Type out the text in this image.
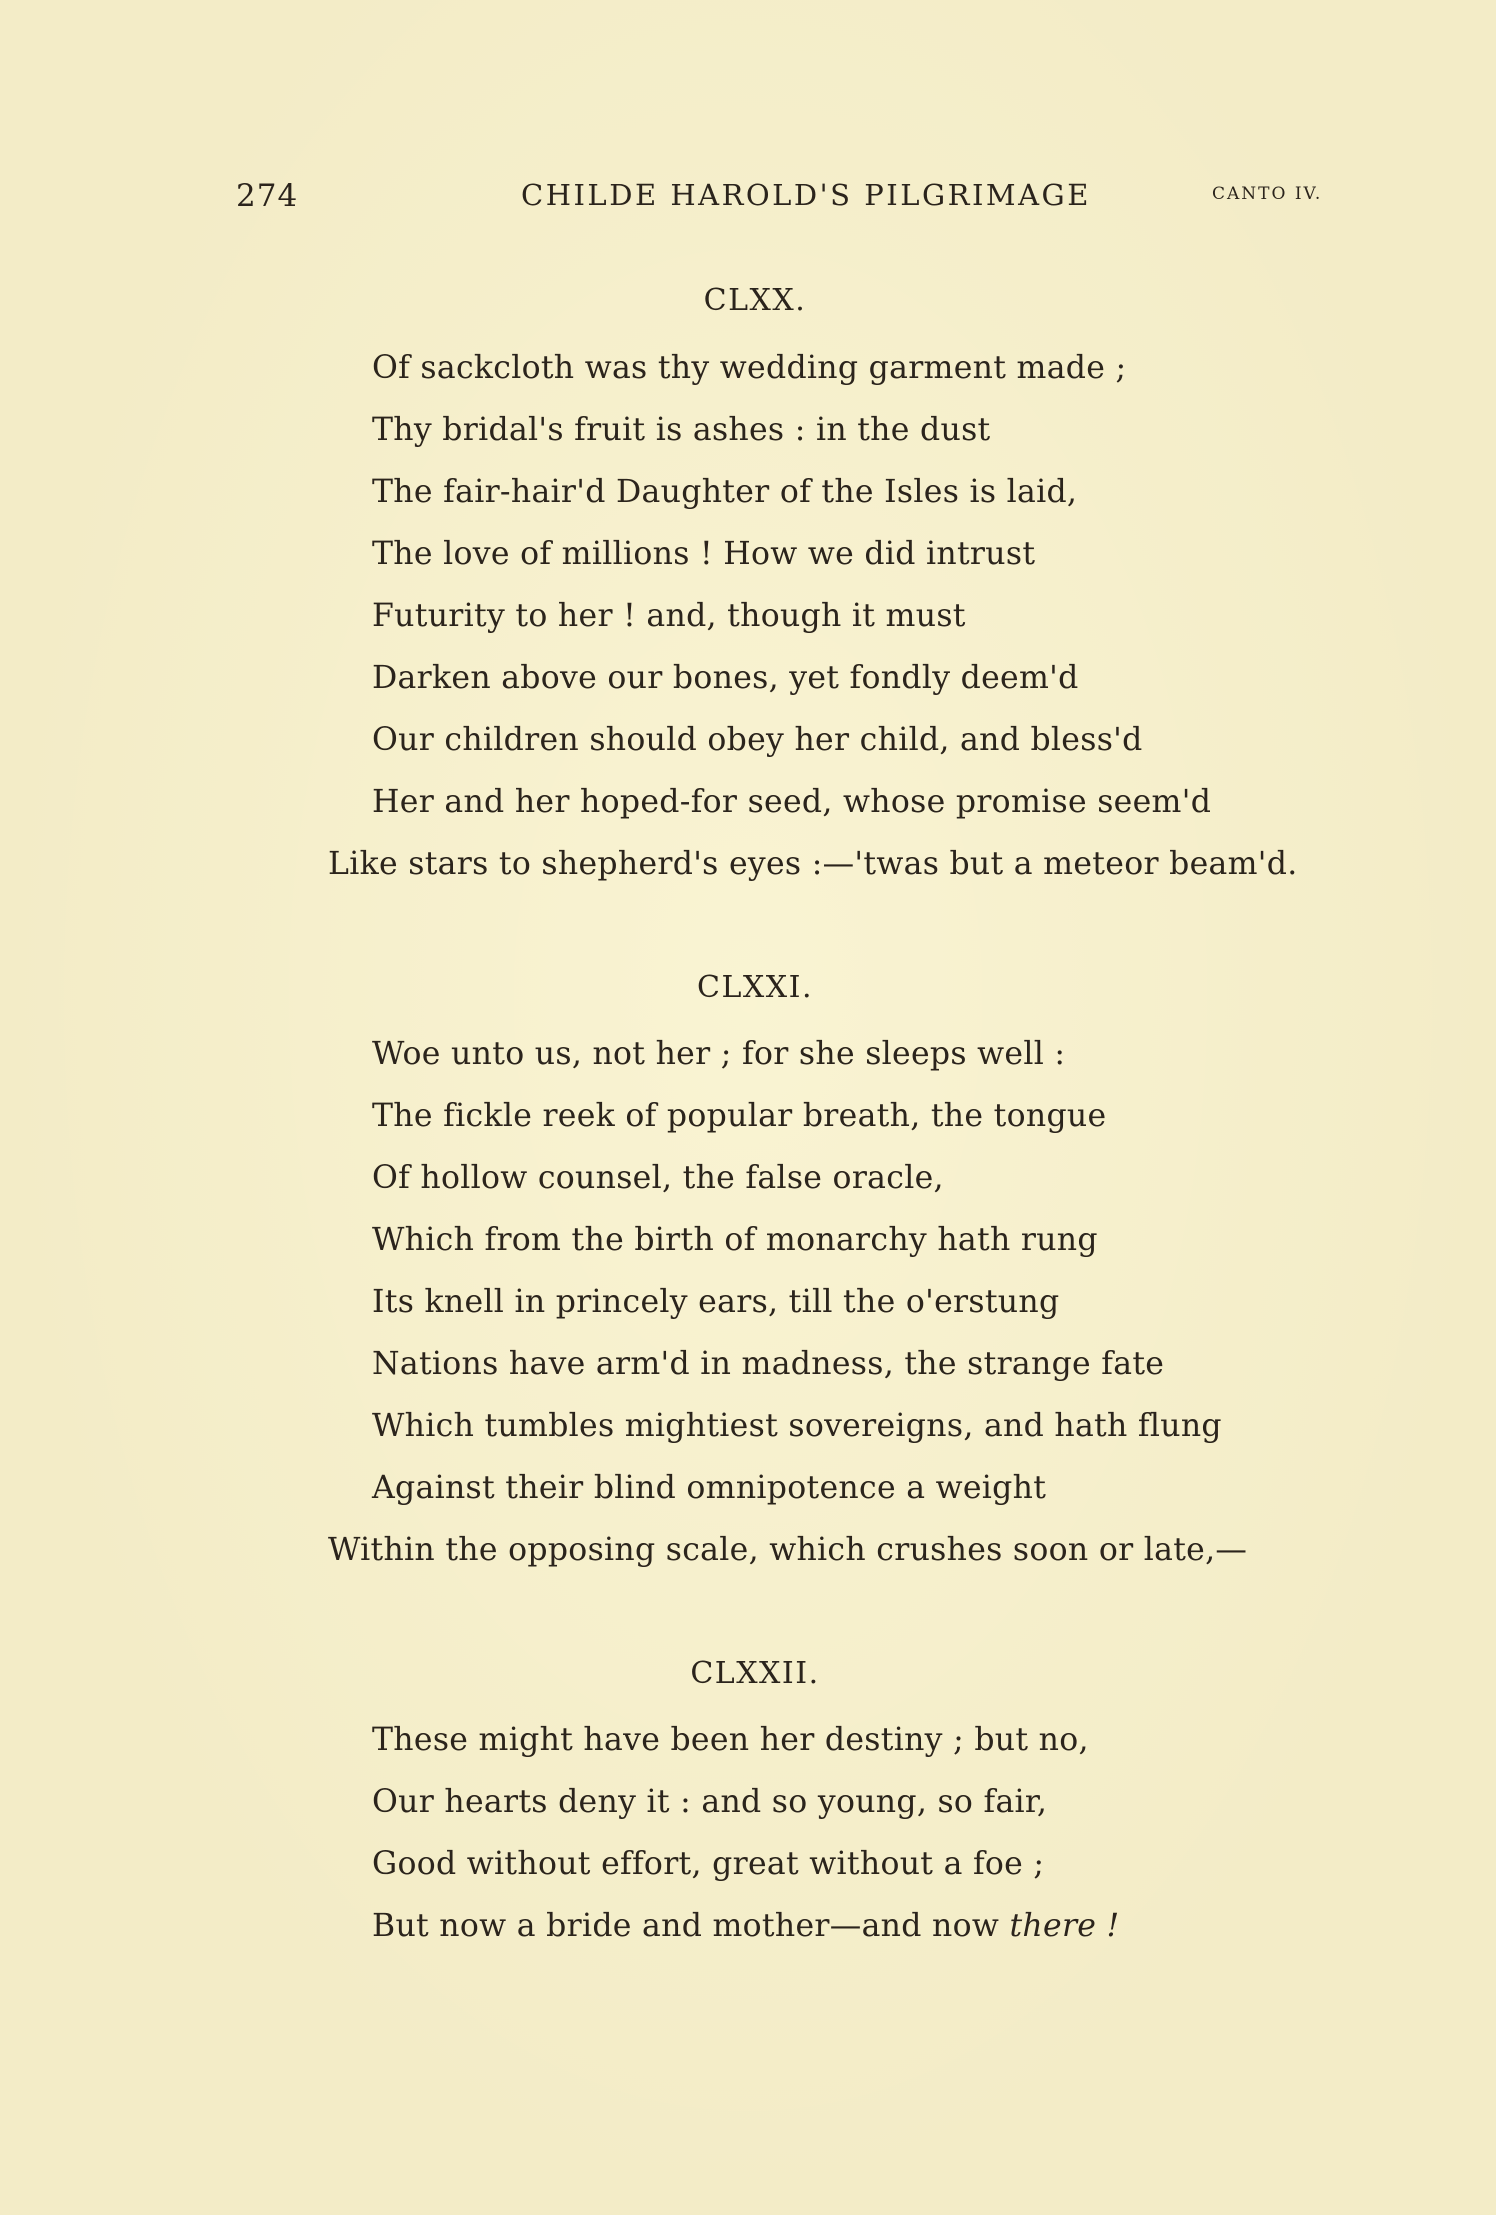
274	CHILDE HAROLD'S PILGRIMAGE	CANTO IV.
CLXX.
Of sackcloth was thy wedding garment made ;
Thy bridal's fruit is ashes : in the dust
The fair-hair'd Daughter of the Isles is laid,
The love of millions ! How we did intrust
Futurity to her ! and, though it must
Darken above our bones, yet fondly deem'd
Our children should obey her child, and bless'd
Her and her hoped-for seed, whose promise seem'd
Like stars to shepherd's eyes :—'twas but a meteor beam'd.
CLXXI.
Woe unto us, not her ; for she sleeps well :
The fickle reek of popular breath, the tongue
Of hollow counsel, the false oracle,
Which from the birth of monarchy hath rung
Its knell in princely ears, till the o'erstung
Nations have arm'd in madness, the strange fate
Which tumbles mightiest sovereigns, and hath flung
Against their blind omnipotence a weight
Within the opposing scale, which crushes soon or late,—
CLXXII.
These might have been her destiny ; but no,
Our hearts deny it : and so young, so fair,
Good without effort, great without a foe ;
But now a bride and mother—and now there !
